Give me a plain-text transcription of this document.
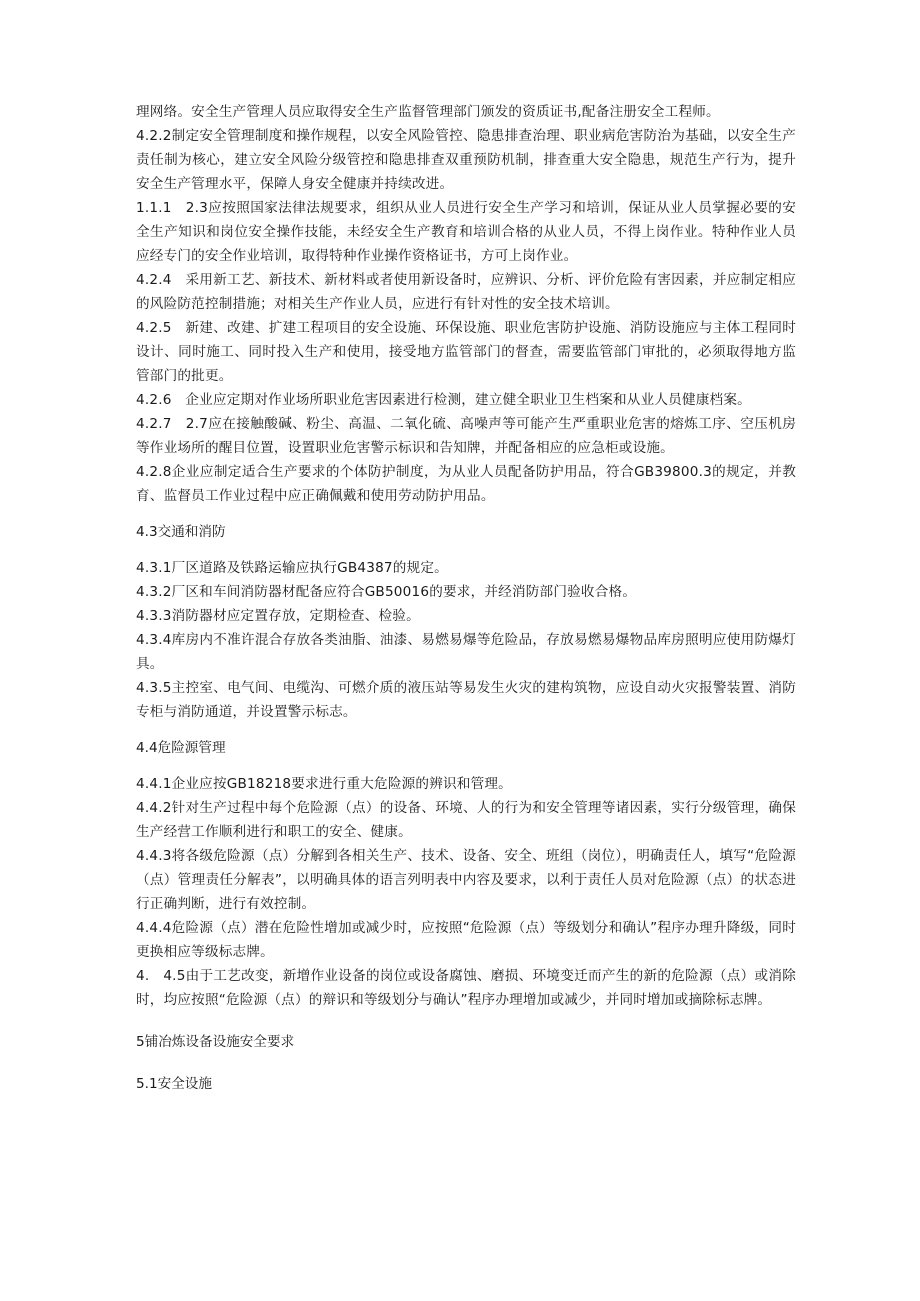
理网络。安全生产管理人员应取得安全生产监督管理部门颁发的资质证书,配备注册安全工程师。

4.2.2制定安全管理制度和操作规程，以安全风险管控、隐患排查治理、职业病危害防治为基础，以安全生产责任制为核心，建立安全风险分级管控和隐患排查双重预防机制，排查重大安全隐患，规范生产行为，提升安全生产管理水平，保障人身安全健康并持续改进。

1.1.1　2.3应按照国家法律法规要求，组织从业人员进行安全生产学习和培训，保证从业人员掌握必要的安全生产知识和岗位安全操作技能，未经安全生产教育和培训合格的从业人员，不得上岗作业。特种作业人员应经专门的安全作业培训，取得特种作业操作资格证书，方可上岗作业。

4.2.4　采用新工艺、新技术、新材料或者使用新设备时，应辨识、分析、评价危险有害因素，并应制定相应的风险防范控制措施；对相关生产作业人员，应进行有针对性的安全技术培训。

4.2.5　新建、改建、扩建工程项目的安全设施、环保设施、职业危害防护设施、消防设施应与主体工程同时设计、同时施工、同时投入生产和使用，接受地方监管部门的督查，需要监管部门审批的，必须取得地方监管部门的批更。

4.2.6　企业应定期对作业场所职业危害因素进行检测，建立健全职业卫生档案和从业人员健康档案。

4.2.7　2.7应在接触酸碱、粉尘、高温、二氧化硫、高噪声等可能产生严重职业危害的熔炼工序、空压机房等作业场所的醒目位置，设置职业危害警示标识和告知牌，并配备相应的应急柜或设施。

4.2.8企业应制定适合生产要求的个体防护制度，为从业人员配备防护用品，符合GB39800.3的规定，并教育、监督员工作业过程中应正确佩戴和使用劳动防护用品。

4.3交通和消防

4.3.1厂区道路及铁路运输应执行GB4387的规定。

4.3.2厂区和车间消防器材配备应符合GB50016的要求，并经消防部门验收合格。

4.3.3消防器材应定置存放，定期检查、检验。

4.3.4库房内不准许混合存放各类油脂、油漆、易燃易爆等危险品，存放易燃易爆物品库房照明应使用防爆灯具。

4.3.5主控室、电气间、电缆沟、可燃介质的液压站等易发生火灾的建构筑物，应设自动火灾报警装置、消防专柜与消防通道，并设置警示标志。

4.4危险源管理

4.4.1企业应按GB18218要求进行重大危险源的辨识和管理。

4.4.2针对生产过程中每个危险源（点）的设备、环境、人的行为和安全管理等诸因素，实行分级管理，确保生产经营工作顺利进行和职工的安全、健康。

4.4.3将各级危险源（点）分解到各相关生产、技术、设备、安全、班组（岗位），明确责任人，填写“危险源（点）管理责任分解表”，以明确具体的语言列明表中内容及要求，以利于责任人员对危险源（点）的状态进行正确判断，进行有效控制。

4.4.4危险源（点）潜在危险性增加或减少时，应按照“危险源（点）等级划分和确认”程序办理升降级，同时更换相应等级标志牌。

4.　4.5由于工艺改变，新增作业设备的岗位或设备腐蚀、磨损、环境变迁而产生的新的危险源（点）或消除时，均应按照“危险源（点）的辩识和等级划分与确认”程序办理增加或减少，并同时增加或摘除标志牌。

5铺冶炼设备设施安全要求

5.1安全设施
